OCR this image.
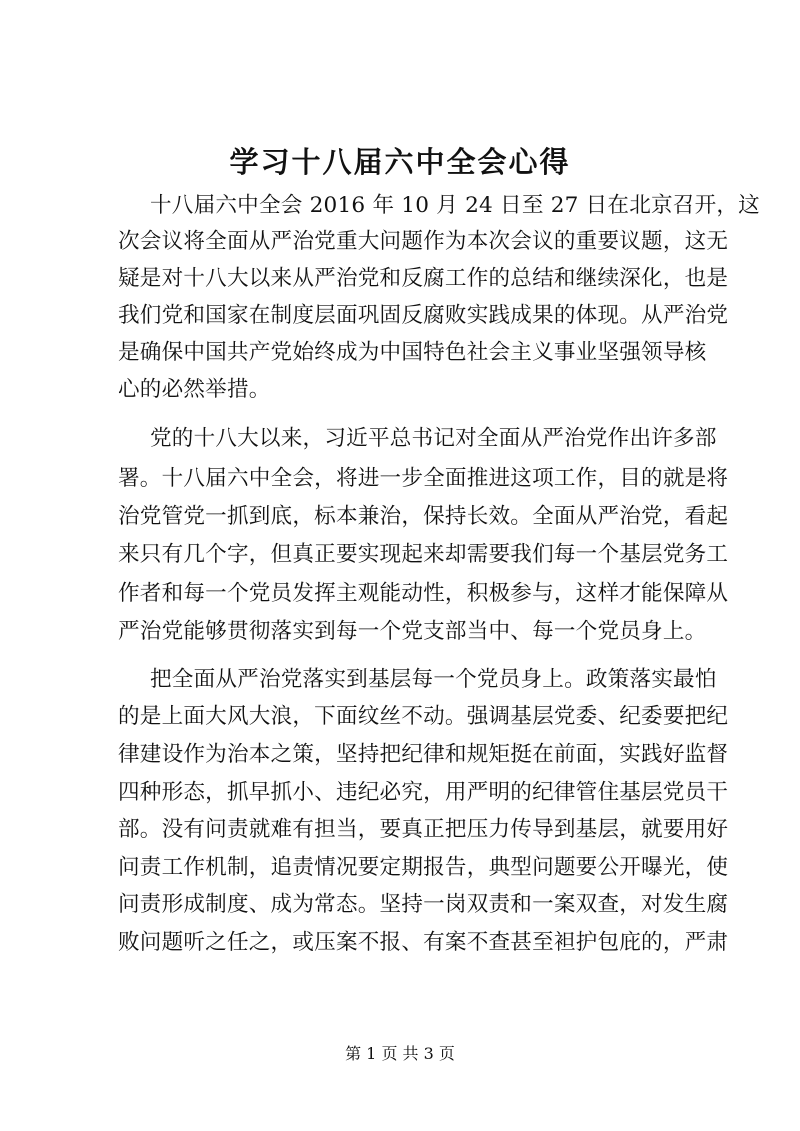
学习十八届六中全会心得
十八届六中全会 2016 年 10 月 24 日至 27 日在北京召开，这
次会议将全面从严治党重大问题作为本次会议的重要议题，这无
疑是对十八大以来从严治党和反腐工作的总结和继续深化，也是
我们党和国家在制度层面巩固反腐败实践成果的体现。从严治党
是确保中国共产党始终成为中国特色社会主义事业坚强领导核
心的必然举措。
党的十八大以来，习近平总书记对全面从严治党作出许多部
署。十八届六中全会，将进一步全面推进这项工作，目的就是将
治党管党一抓到底，标本兼治，保持长效。全面从严治党，看起
来只有几个字，但真正要实现起来却需要我们每一个基层党务工
作者和每一个党员发挥主观能动性，积极参与，这样才能保障从
严治党能够贯彻落实到每一个党支部当中、每一个党员身上。
把全面从严治党落实到基层每一个党员身上。政策落实最怕
的是上面大风大浪，下面纹丝不动。强调基层党委、纪委要把纪
律建设作为治本之策，坚持把纪律和规矩挺在前面，实践好监督
四种形态，抓早抓小、违纪必究，用严明的纪律管住基层党员干
部。没有问责就难有担当，要真正把压力传导到基层，就要用好
问责工作机制，追责情况要定期报告，典型问题要公开曝光，使
问责形成制度、成为常态。坚持一岗双责和一案双查，对发生腐
败问题听之任之，或压案不报、有案不查甚至袒护包庇的，严肃
第 1 页 共 3 页
